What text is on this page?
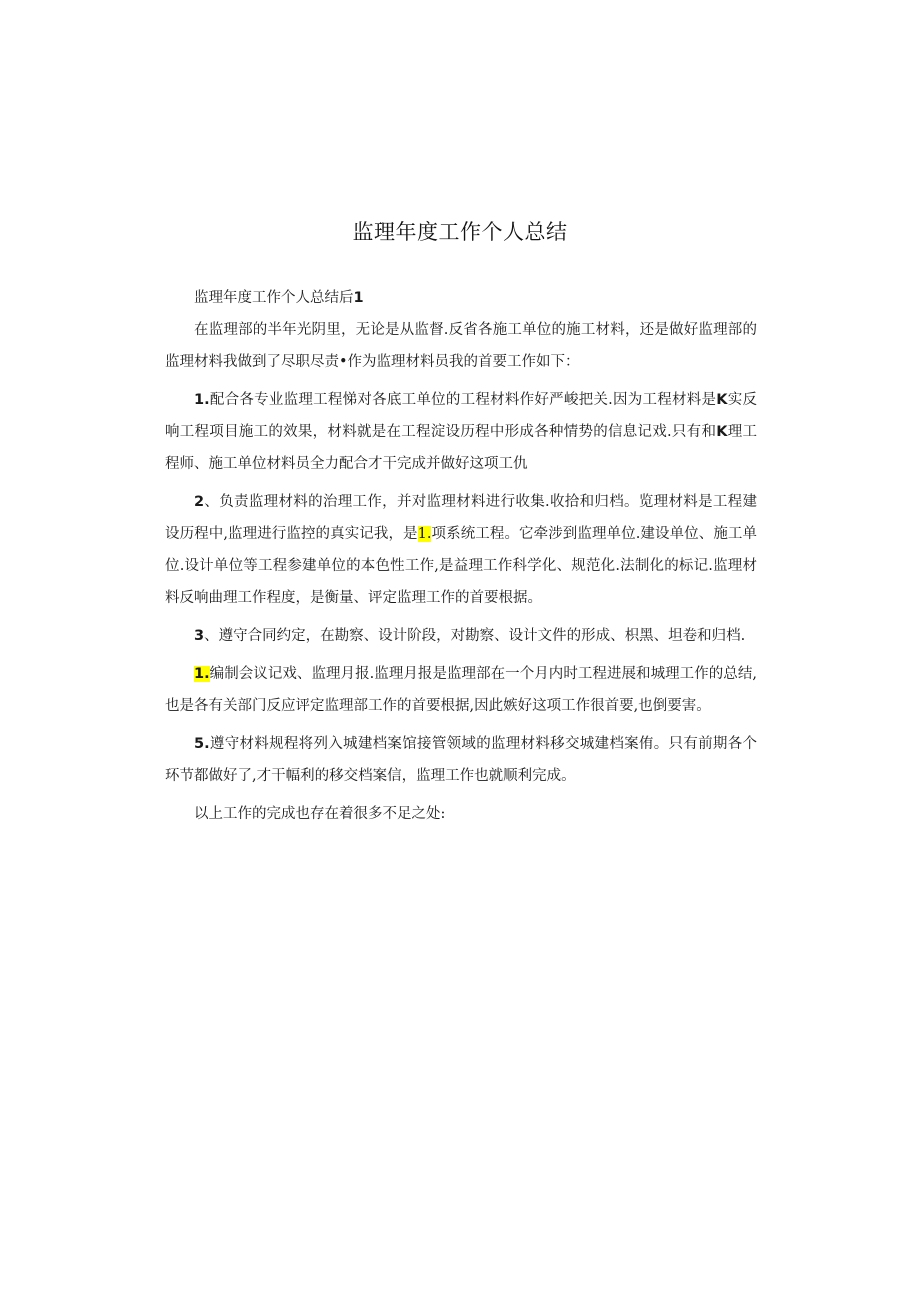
监理年度工作个人总结

监理年度工作个人总结后1

在监理部的半年光阴里，无论是从监督.反省各施工单位的施工材料，还是做好监理部的监理材料我做到了尽职尽责•作为监理材料员我的首要工作如下：

1.配合各专业监理工程悌对各底工单位的工程材料作好严峻把关.因为工程材料是K实反响工程项目施工的效果，材料就是在工程淀设历程中形成各种情势的信息记戏.只有和K理工程师、施工单位材料员全力配合才干完成并做好这项工仇

2、负责监理材料的治理工作，并对监理材料进行收集.收拾和归档。览理材料是工程建设历程中,监理进行监控的真实记我，是1.项系统工程。它牵涉到监理单位.建设单位、施工单位.设计单位等工程参建单位的本色性工作,是益理工作科学化、规范化.法制化的标记.监理材料反响曲理工作程度，是衡量、评定监理工作的首要根据。

3、遵守合同约定，在勘察、设计阶段，对勘察、设计文件的形成、枳黑、坦卷和归档.

1.编制会议记戏、监理月报.监理月报是监理部在一个月内时工程进展和城理工作的总结,也是各有关部门反应评定监理部工作的首要根据,因此嫉好这项工作很首要,也倒要害。

5.遵守材料规程将列入城建档案馆接管领域的监理材料移交城建档案侑。只有前期各个环节都做好了,才干幅利的移交档案信，监理工作也就顺利完成。

以上工作的完成也存在着很多不足之处:
